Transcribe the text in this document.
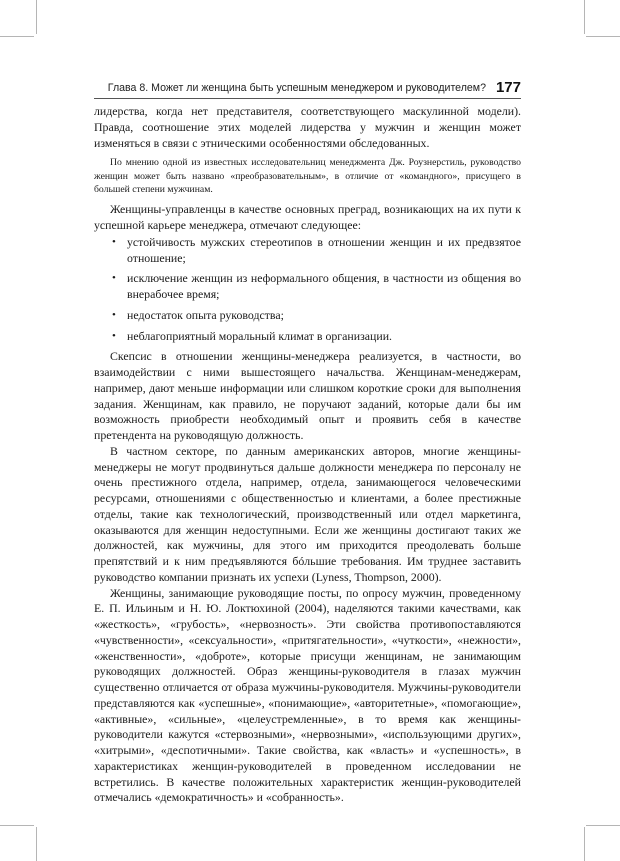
Глава 8. Может ли женщина быть успешным менеджером и руководителем? 177

лидерства, когда нет представителя, соответствующего маскулинной модели). Правда, соотношение этих моделей лидерства у мужчин и женщин может изменяться в связи с этническими особенностями обследованных.

По мнению одной из известных исследовательниц менеджмента Дж. Роузнерстиль, руководство женщин может быть названо «преобразовательным», в отличие от «командного», присущего в большей степени мужчинам.

Женщины-управленцы в качестве основных преград, возникающих на их пути к успешной карьере менеджера, отмечают следующее:

• устойчивость мужских стереотипов в отношении женщин и их предвзятое отношение;
• исключение женщин из неформального общения, в частности из общения во внерабочее время;
• недостаток опыта руководства;
• неблагоприятный моральный климат в организации.

Скепсис в отношении женщины-менеджера реализуется, в частности, во взаимодействии с ними вышестоящего начальства. Женщинам-менеджерам, например, дают меньше информации или слишком короткие сроки для выполнения задания. Женщинам, как правило, не поручают заданий, которые дали бы им возможность приобрести необходимый опыт и проявить себя в качестве претендента на руководящую должность.

В частном секторе, по данным американских авторов, многие женщины-менеджеры не могут продвинуться дальше должности менеджера по персоналу не очень престижного отдела, например, отдела, занимающегося человеческими ресурсами, отношениями с общественностью и клиентами, а более престижные отделы, такие как технологический, производственный или отдел маркетинга, оказываются для женщин недоступными. Если же женщины достигают таких же должностей, как мужчины, для этого им приходится преодолевать больше препятствий и к ним предъявляются бóльшие требования. Им труднее заставить руководство компании признать их успехи (Lyness, Thompson, 2000).

Женщины, занимающие руководящие посты, по опросу мужчин, проведенному Е. П. Ильиным и Н. Ю. Локтюхиной (2004), наделяются такими качествами, как «жесткость», «грубость», «нервозность». Эти свойства противопоставляются «чувственности», «сексуальности», «притягательности», «чуткости», «нежности», «женственности», «доброте», которые присущи женщинам, не занимающим руководящих должностей. Образ женщины-руководителя в глазах мужчин существенно отличается от образа мужчины-руководителя. Мужчины-руководители представляются как «успешные», «понимающие», «авторитетные», «помогающие», «активные», «сильные», «целеустремленные», в то время как женщины-руководители кажутся «стервозными», «нервозными», «использующими других», «хитрыми», «деспотичными». Такие свойства, как «власть» и «успешность», в характеристиках женщин-руководителей в проведенном исследовании не встретились. В качестве положительных характеристик женщин-руководителей отмечались «демократичность» и «собранность».
